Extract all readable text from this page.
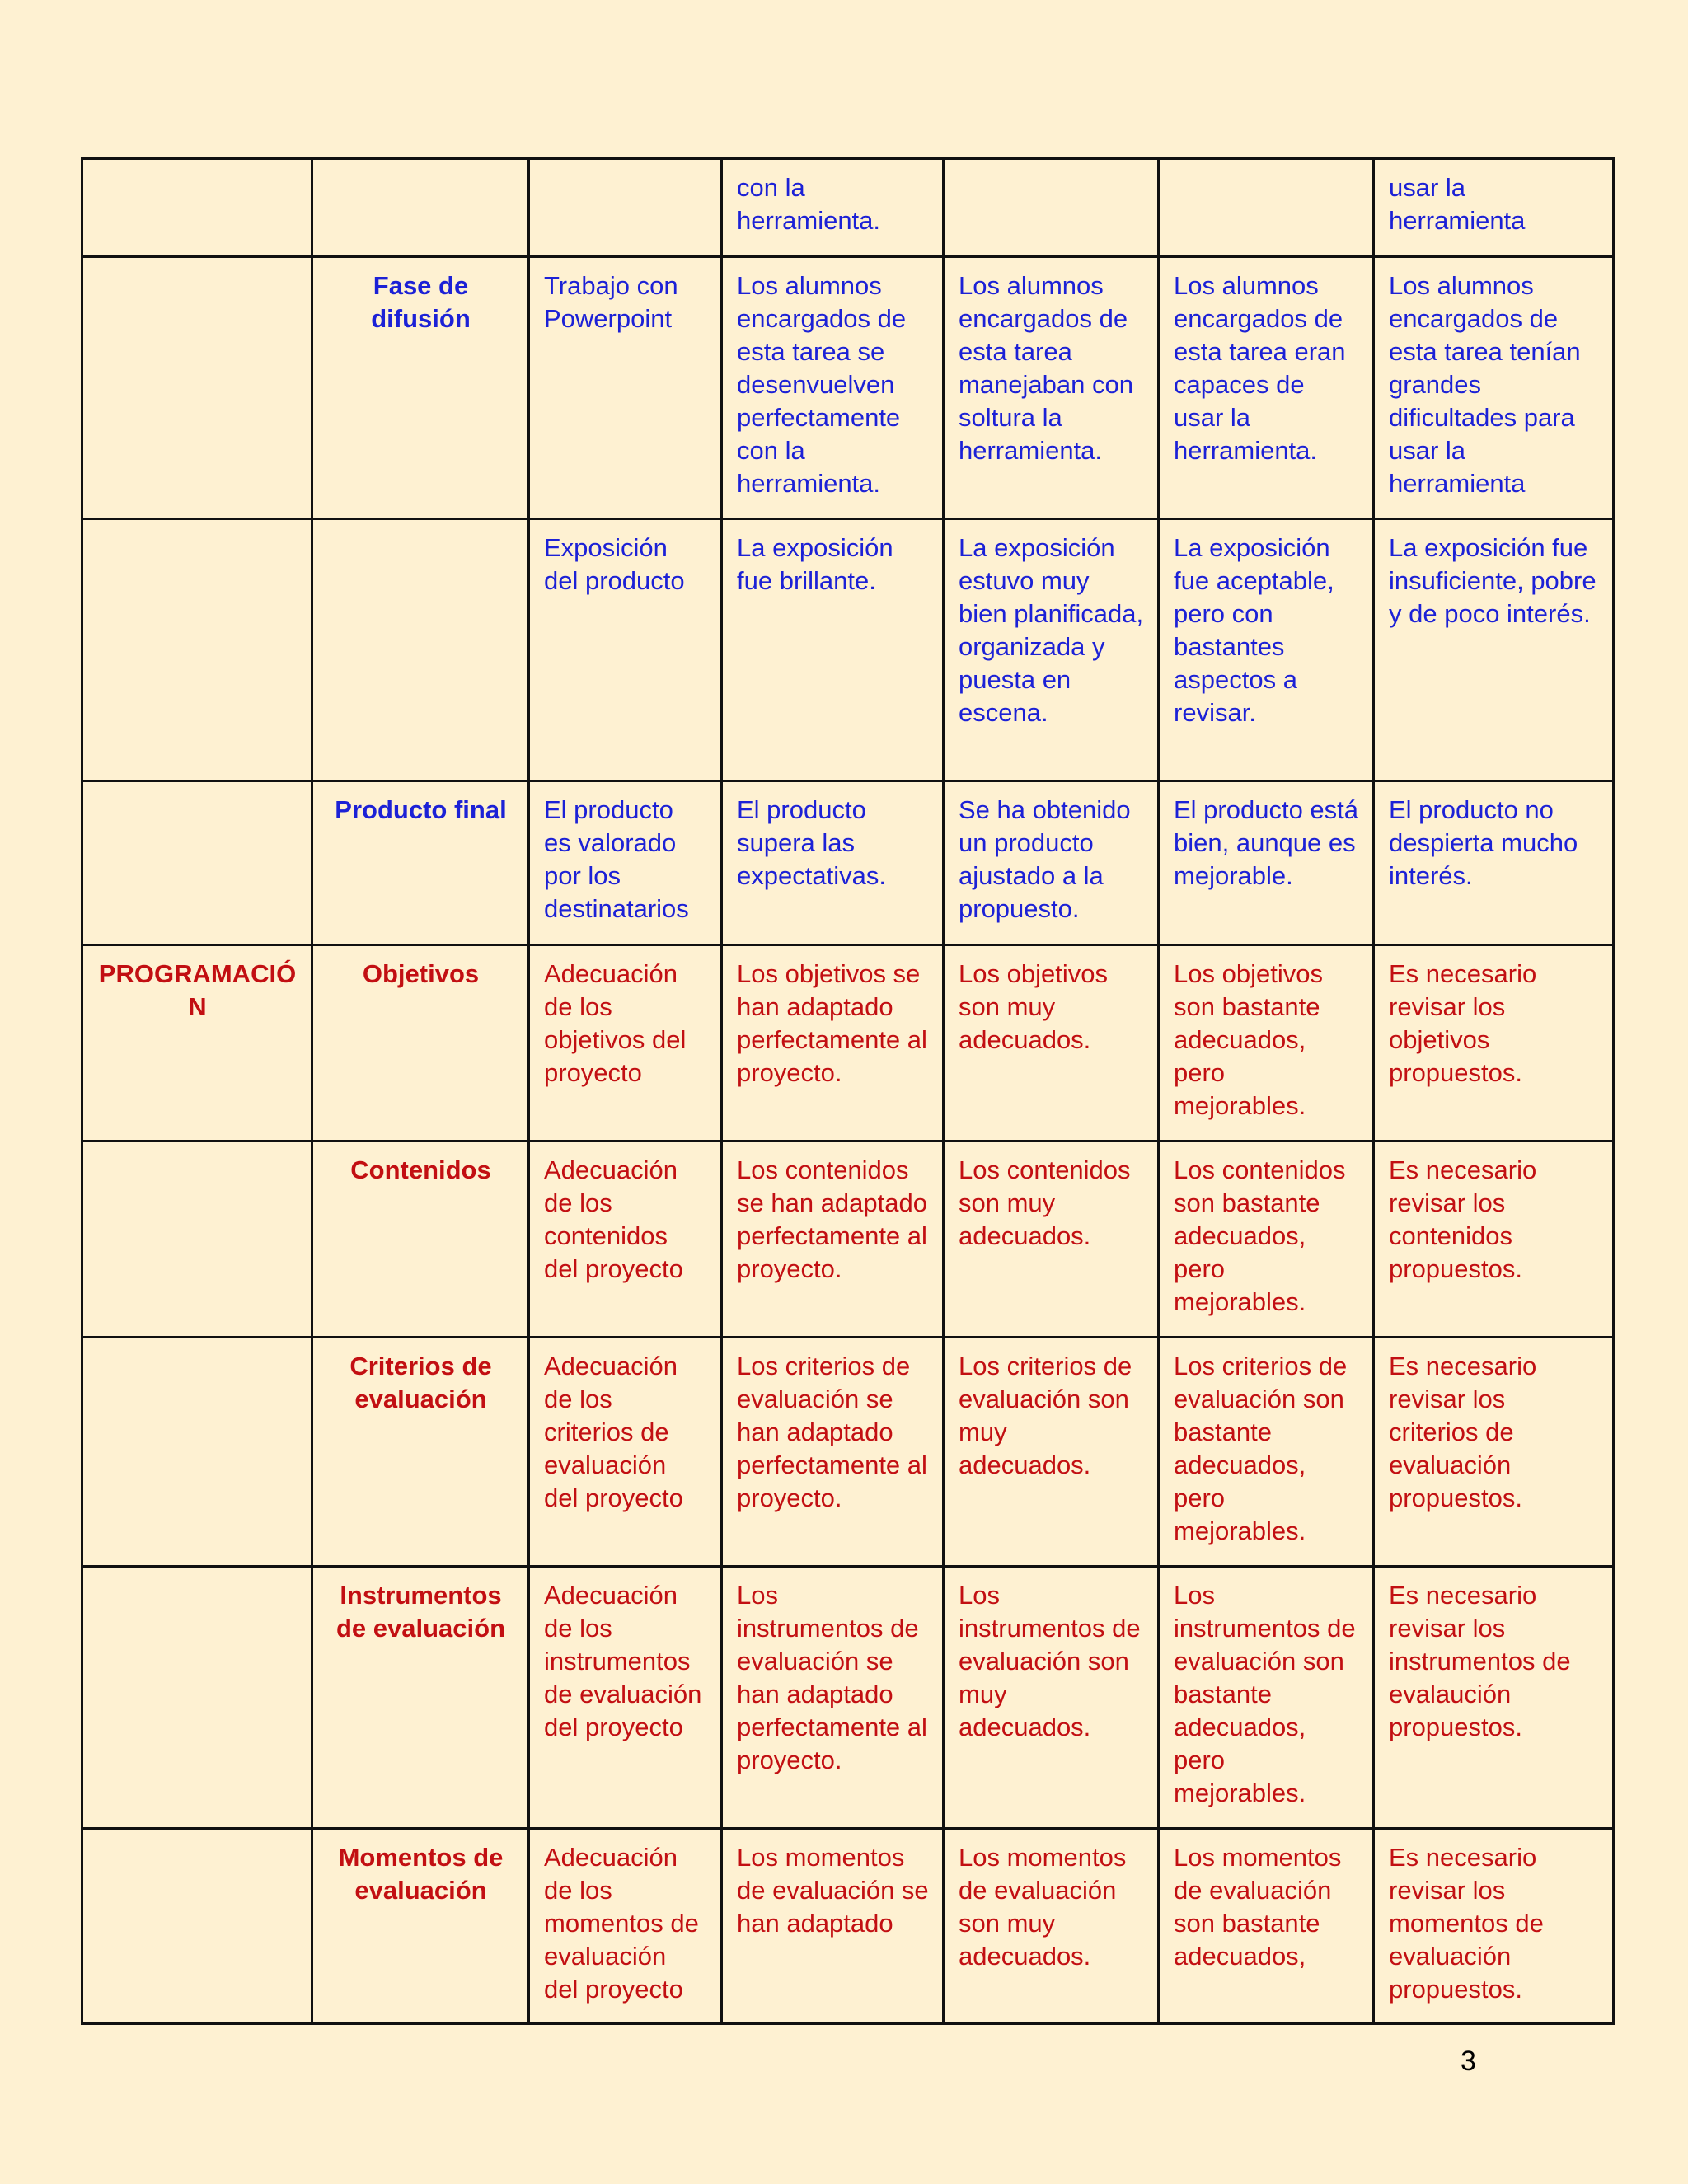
			con la herramienta.			usar la herramienta
	Fase de difusión	Trabajo con Powerpoint	Los alumnos encargados de esta tarea se desenvuelven perfectamente con la herramienta.	Los alumnos encargados de esta tarea manejaban con soltura la herramienta.	Los alumnos encargados de esta tarea eran capaces de usar la herramienta.	Los alumnos encargados de esta tarea tenían grandes dificultades para usar la herramienta
		Exposición del producto	La exposición fue brillante.	La exposición estuvo muy bien planificada, organizada y puesta en escena.	La exposición fue aceptable, pero con bastantes aspectos a revisar.	La exposición fue insuficiente, pobre y de poco interés.
	Producto final	El producto es valorado por los destinatarios	El producto supera las expectativas.	Se ha obtenido un producto ajustado a la propuesto.	El producto está bien, aunque es mejorable.	El producto no despierta mucho interés.
PROGRAMACIÓN	Objetivos	Adecuación de los objetivos del proyecto	Los objetivos se han adaptado perfectamente al proyecto.	Los objetivos son muy adecuados.	Los objetivos son bastante adecuados, pero mejorables.	Es necesario revisar los objetivos propuestos.
	Contenidos	Adecuación de los contenidos del proyecto	Los contenidos se han adaptado perfectamente al proyecto.	Los contenidos son muy adecuados.	Los contenidos son bastante adecuados, pero mejorables.	Es necesario revisar los contenidos propuestos.
	Criterios de evaluación	Adecuación de los criterios de evaluación del proyecto	Los criterios de evaluación se han adaptado perfectamente al proyecto.	Los criterios de evaluación son muy adecuados.	Los criterios de evaluación son bastante adecuados, pero mejorables.	Es necesario revisar los criterios de evaluación propuestos.
	Instrumentos de evaluación	Adecuación de los instrumentos de evaluación del proyecto	Los instrumentos de evaluación se han adaptado perfectamente al proyecto.	Los instrumentos de evaluación son muy adecuados.	Los instrumentos de evaluación son bastante adecuados, pero mejorables.	Es necesario revisar los instrumentos de evalaución propuestos.
	Momentos de evaluación	Adecuación de los momentos de evaluación del proyecto	Los momentos de evaluación se han adaptado	Los momentos de evaluación son muy adecuados.	Los momentos de evaluación son bastante adecuados,	Es necesario revisar los momentos de evaluación propuestos.
3
